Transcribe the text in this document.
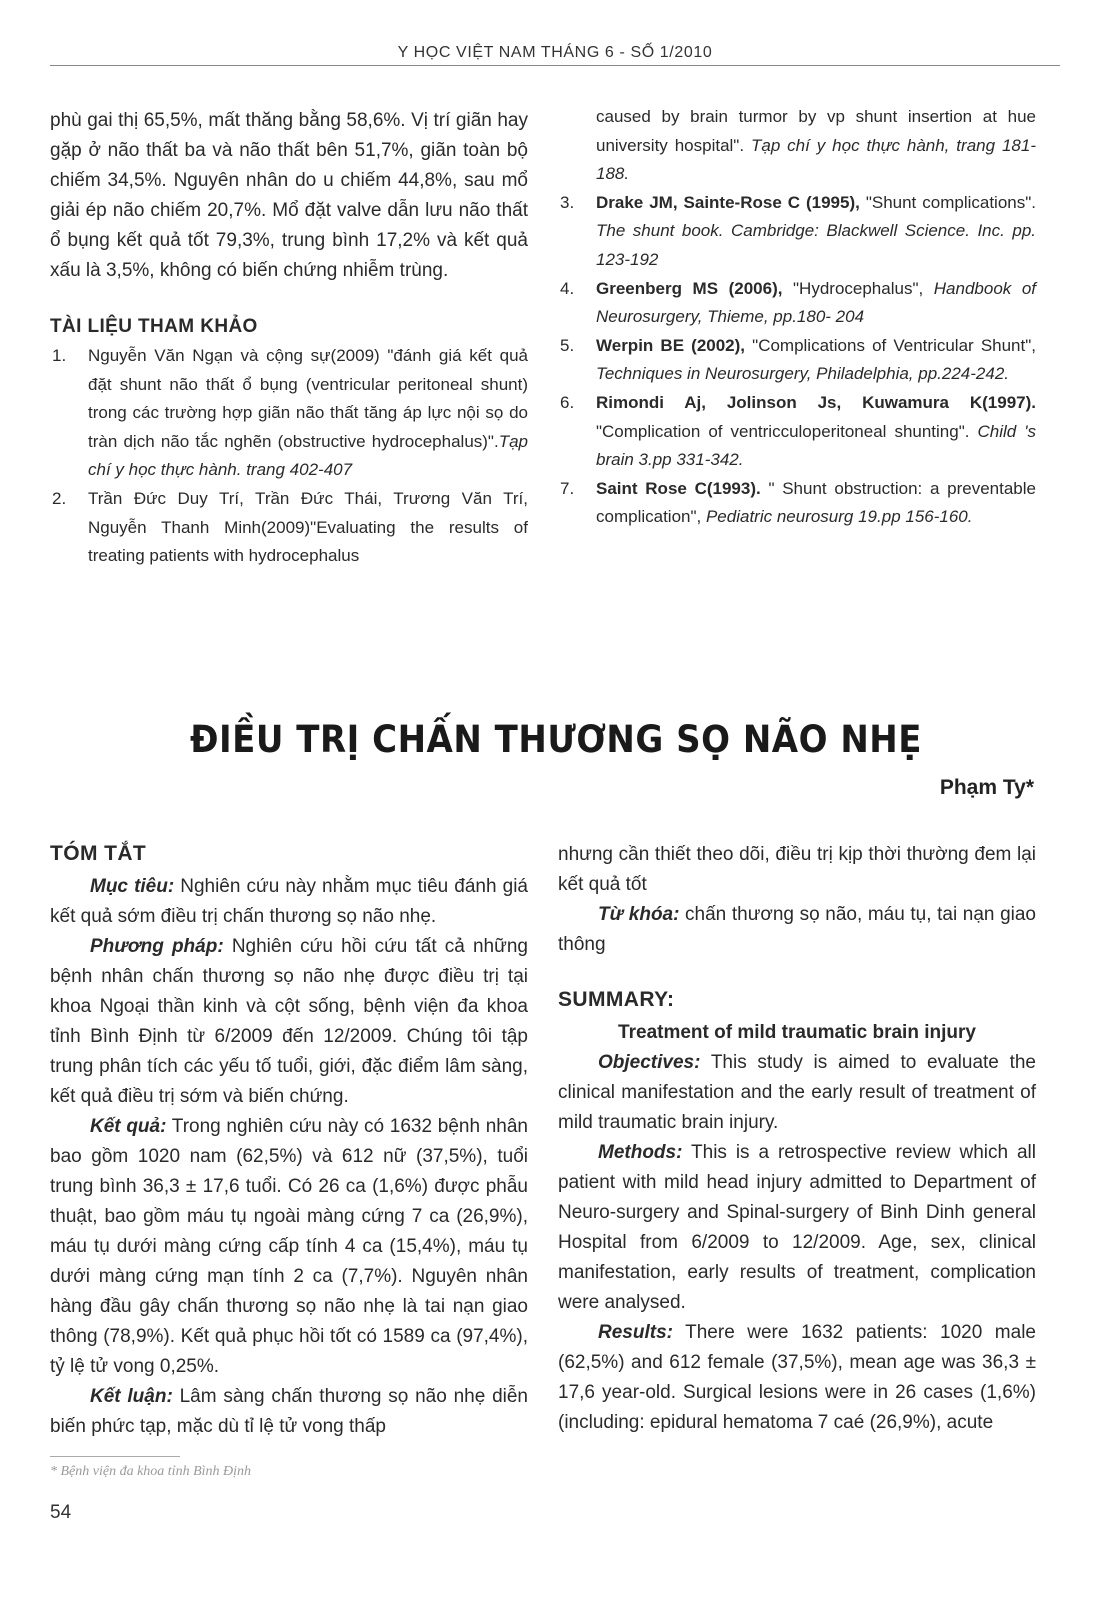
Y HỌC VIỆT NAM THÁNG 6 - SỐ 1/2010

phù gai thị 65,5%, mất thăng bằng 58,6%. Vị trí giãn hay gặp ở não thất ba và não thất bên 51,7%, giãn toàn bộ chiếm 34,5%. Nguyên nhân do u chiếm 44,8%, sau mổ giải ép não chiếm 20,7%. Mổ đặt valve dẫn lưu não thất ổ bụng kết quả tốt 79,3%, trung bình 17,2% và kết quả xấu là 3,5%, không có biến chứng nhiễm trùng.

TÀI LIỆU THAM KHẢO

1. Nguyễn Văn Ngạn và cộng sự(2009) "đánh giá kết quả đặt shunt não thất ổ bụng (ventricular peritoneal shunt) trong các trường hợp giãn não thất tăng áp lực nội sọ do tràn dịch não tắc nghẽn (obstructive hydrocephalus)".Tạp chí y học thực hành. trang 402-407
2. Trần Đức Duy Trí, Trần Đức Thái, Trương Văn Trí, Nguyễn Thanh Minh(2009)"Evaluating the results of treating patients with hydrocephalus
caused by brain turmor by vp shunt insertion at hue university hospital". Tạp chí y học thực hành, trang 181-188.
3. Drake JM, Sainte-Rose C (1995), "Shunt complications". The shunt book. Cambridge: Blackwell Science. Inc. pp. 123-192
4. Greenberg MS (2006), "Hydrocephalus", Handbook of Neurosurgery, Thieme, pp.180- 204
5. Werpin BE (2002), "Complications of Ventricular Shunt", Techniques in Neurosurgery, Philadelphia, pp.224-242.
6. Rimondi Aj, Jolinson Js, Kuwamura K(1997). "Complication of ventricculoperitoneal shunting". Child 's brain 3.pp 331-342.
7. Saint Rose C(1993). " Shunt obstruction: a preventable complication", Pediatric neurosurg 19.pp 156-160.
ĐIỀU TRỊ CHẤN THƯƠNG SỌ NÃO NHẸ
Phạm Ty*

TÓM TẮT

Mục tiêu: Nghiên cứu này nhằm mục tiêu đánh giá kết quả sớm điều trị chấn thương sọ não nhẹ.

Phương pháp: Nghiên cứu hồi cứu tất cả những bệnh nhân chấn thương sọ não nhẹ được điều trị tại khoa Ngoại thần kinh và cột sống, bệnh viện đa khoa tỉnh Bình Định từ 6/2009 đến 12/2009. Chúng tôi tập trung phân tích các yếu tố tuổi, giới, đặc điểm lâm sàng, kết quả điều trị sớm và biến chứng.

Kết quả: Trong nghiên cứu này có 1632 bệnh nhân bao gồm 1020 nam (62,5%) và 612 nữ (37,5%), tuổi trung bình 36,3 ± 17,6 tuổi. Có 26 ca (1,6%) được phẫu thuật, bao gồm máu tụ ngoài màng cứng 7 ca (26,9%), máu tụ dưới màng cứng cấp tính 4 ca (15,4%), máu tụ dưới màng cứng mạn tính 2 ca (7,7%). Nguyên nhân hàng đầu gây chấn thương sọ não nhẹ là tai nạn giao thông (78,9%). Kết quả phục hồi tốt có 1589 ca (97,4%), tỷ lệ tử vong 0,25%.

Kết luận: Lâm sàng chấn thương sọ não nhẹ diễn biến phức tạp, mặc dù tỉ lệ tử vong thấp

nhưng cần thiết theo dõi, điều trị kịp thời thường đem lại kết quả tốt

Từ khóa: chấn thương sọ não, máu tụ, tai nạn giao thông

SUMMARY:

Treatment of mild traumatic brain injury

Objectives: This study is aimed to evaluate the clinical manifestation and the early result of treatment of mild traumatic brain injury.

Methods: This is a retrospective review which all patient with mild head injury admitted to Department of Neuro-surgery and Spinal-surgery of Binh Dinh general Hospital from 6/2009 to 12/2009. Age, sex, clinical manifestation, early results of treatment, complication were analysed.

Results: There were 1632 patients: 1020 male (62,5%) and 612 female (37,5%), mean age was 36,3 ± 17,6 year-old. Surgical lesions were in 26 cases (1,6%) (including: epidural hematoma 7 caé (26,9%), acute

* Bệnh viện đa khoa tỉnh Bình Định
54
